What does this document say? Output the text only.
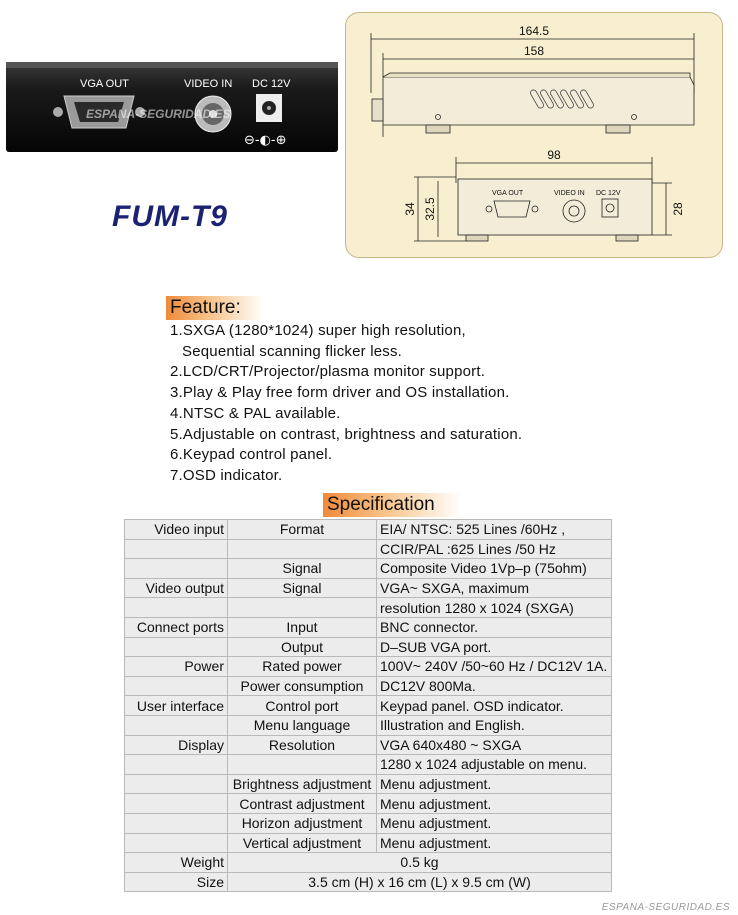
VGA OUT	VIDEO IN DC 12V
⊖-◐-⊕
ESPANA-SEGURIDAD.ES
FUM-T9
164.5
158
98
34 32.5	28
VGA OUT	VIDEO IN DC 12V
Feature:
1.SXGA (1280*1024) super high resolution,
Sequential scanning flicker less.
2.LCD/CRT/Projector/plasma monitor support.
3.Play & Play free form driver and OS installation.
4.NTSC & PAL available.
5.Adjustable on contrast, brightness and saturation.
6.Keypad control panel.
7.OSD indicator.
Specification
Video input	Format	EIA/ NTSC: 525 Lines /60Hz ,
		CCIR/PAL :625 Lines /50 Hz
	Signal	Composite Video 1Vp–p (75ohm)
Video output	Signal	VGA~ SXGA, maximum
		resolution 1280 x 1024 (SXGA)
Connect ports	Input	BNC connector.
	Output	D–SUB VGA port.
Power	Rated power	100V~ 240V /50~60 Hz / DC12V 1A.
	Power consumption	DC12V 800Ma.
User interface	Control port	Keypad panel. OSD indicator.
	Menu language	Illustration and English.
Display	Resolution	VGA 640x480 ~ SXGA
		1280 x 1024 adjustable on menu.
	Brightness adjustment	Menu adjustment.
	Contrast adjustment	Menu adjustment.
	Horizon adjustment	Menu adjustment.
	Vertical adjustment	Menu adjustment.
Weight	0.5 kg	
Size	3.5 cm (H) x 16 cm (L) x 9.5 cm (W)	
ESPANA-SEGURIDAD.ES
